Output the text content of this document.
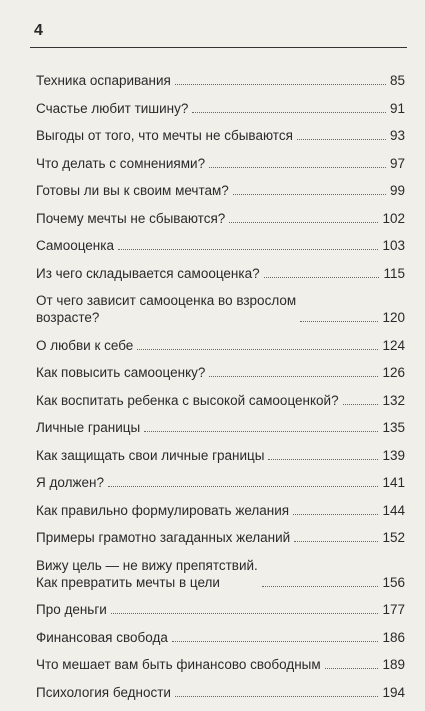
4
Техника оспаривания	85
Счастье любит тишину?	91
Выгоды от того, что мечты не сбываются	93
Что делать с сомнениями?	97
Готовы ли вы к своим мечтам?	99
Почему мечты не сбываются?	102
Самооценка	103
Из чего складывается самооценка?	115
От чего зависит самооценка во взрослом
возрасте?	120
О любви к себе	124
Как повысить самооценку?	126
Как воспитать ребенка с высокой самооценкой?	132
Личные границы	135
Как защищать свои личные границы	139
Я должен?	141
Как правильно формулировать желания	144
Примеры грамотно загаданных желаний	152
Вижу цель — не вижу препятствий.
Как превратить мечты в цели	156
Про деньги	177
Финансовая свобода	186
Что мешает вам быть финансово свободным	189
Психология бедности	194
